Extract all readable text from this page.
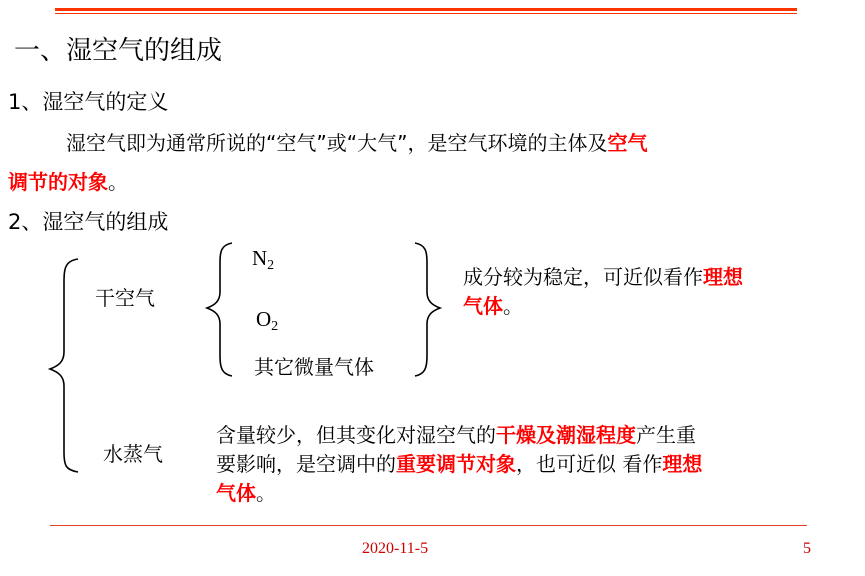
一、湿空气的组成
1、湿空气的定义
湿空气即为通常所说的“空气”或“大气”，是空气环境的主体及空气
调节的对象。
2、湿空气的组成
干空气
$N_2$
$O_2$
其它微量气体
成分较为稳定，可近似看作理想
气体。
水蒸气
含量较少，但其变化对湿空气的干燥及潮湿程度产生重
要影响，是空调中的重要调节对象，也可近似 看作理想
气体。
2020-11-5	5
